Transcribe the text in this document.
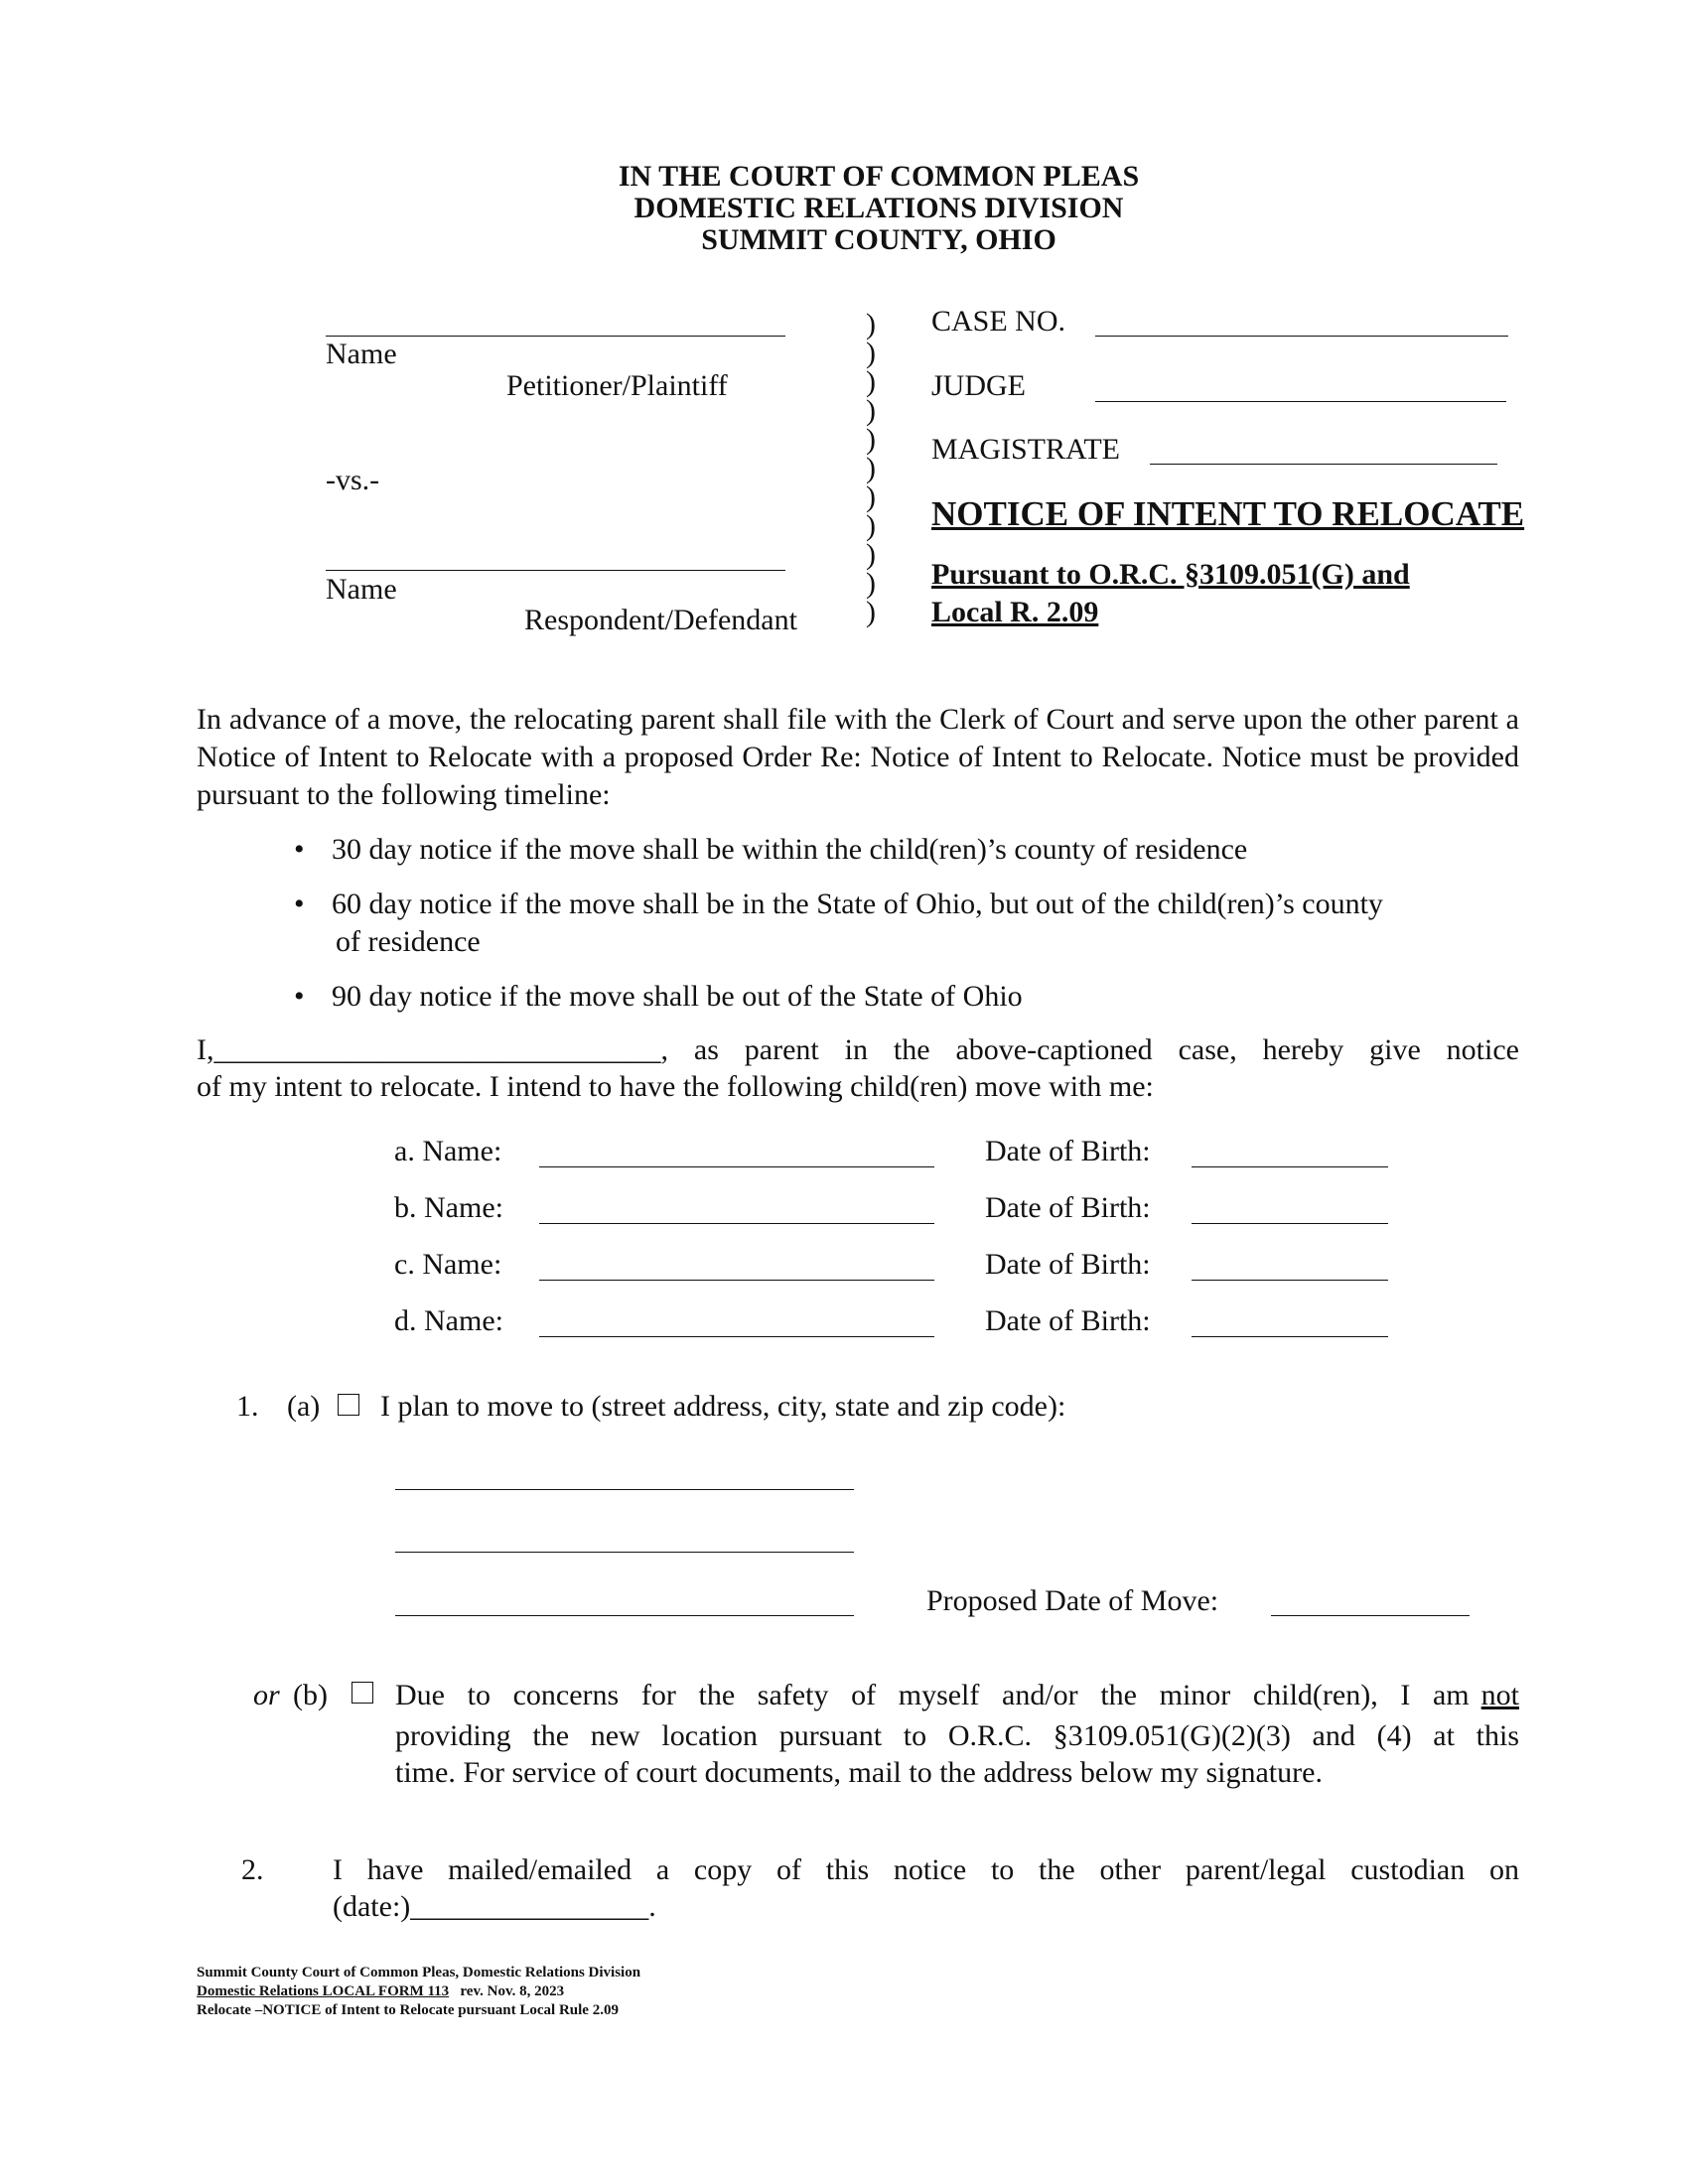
IN THE COURT OF COMMON PLEAS
DOMESTIC RELATIONS DIVISION
SUMMIT COUNTY, OHIO
Name
Petitioner/Plaintiff
-vs.-
Name
Respondent/Defendant
)
)
)
)
)
)
)
)
)
)
)
CASE NO.
JUDGE
MAGISTRATE
NOTICE OF INTENT TO RELOCATE
Pursuant to O.R.C. §3109.051(G) and
Local R. 2.09
In advance of a move, the relocating parent shall file with the Clerk of Court and serve upon the other parent a Notice of Intent to Relocate with a proposed Order Re: Notice of Intent to Relocate. Notice must be provided pursuant to the following timeline:
• 30 day notice if the move shall be within the child(ren)’s county of residence
• 60 day notice if the move shall be in the State of Ohio, but out of the child(ren)’s county
of residence
• 90 day notice if the move shall be out of the State of Ohio
I, ______________________________ , as parent in the above-captioned case, hereby give notice
of my intent to relocate. I intend to have the following child(ren) move with me:
a. Name:	Date of Birth:
b. Name:	Date of Birth:
c. Name:	Date of Birth:
d. Name:	Date of Birth:
1. (a) I plan to move to (street address, city, state and zip code):
Proposed Date of Move:
or (b) Due to concerns for the safety of myself and/or the minor child(ren), I am not
providing the new location pursuant to O.R.C. §3109.051(G)(2)(3) and (4) at this
time. For service of court documents, mail to the address below my signature.
2. I have mailed/emailed a copy of this notice to the other parent/legal custodian on
(date:)________________.
Summit County Court of Common Pleas, Domestic Relations Division
Domestic Relations LOCAL FORM 113   rev. Nov. 8, 2023
Relocate –NOTICE of Intent to Relocate pursuant Local Rule 2.09
